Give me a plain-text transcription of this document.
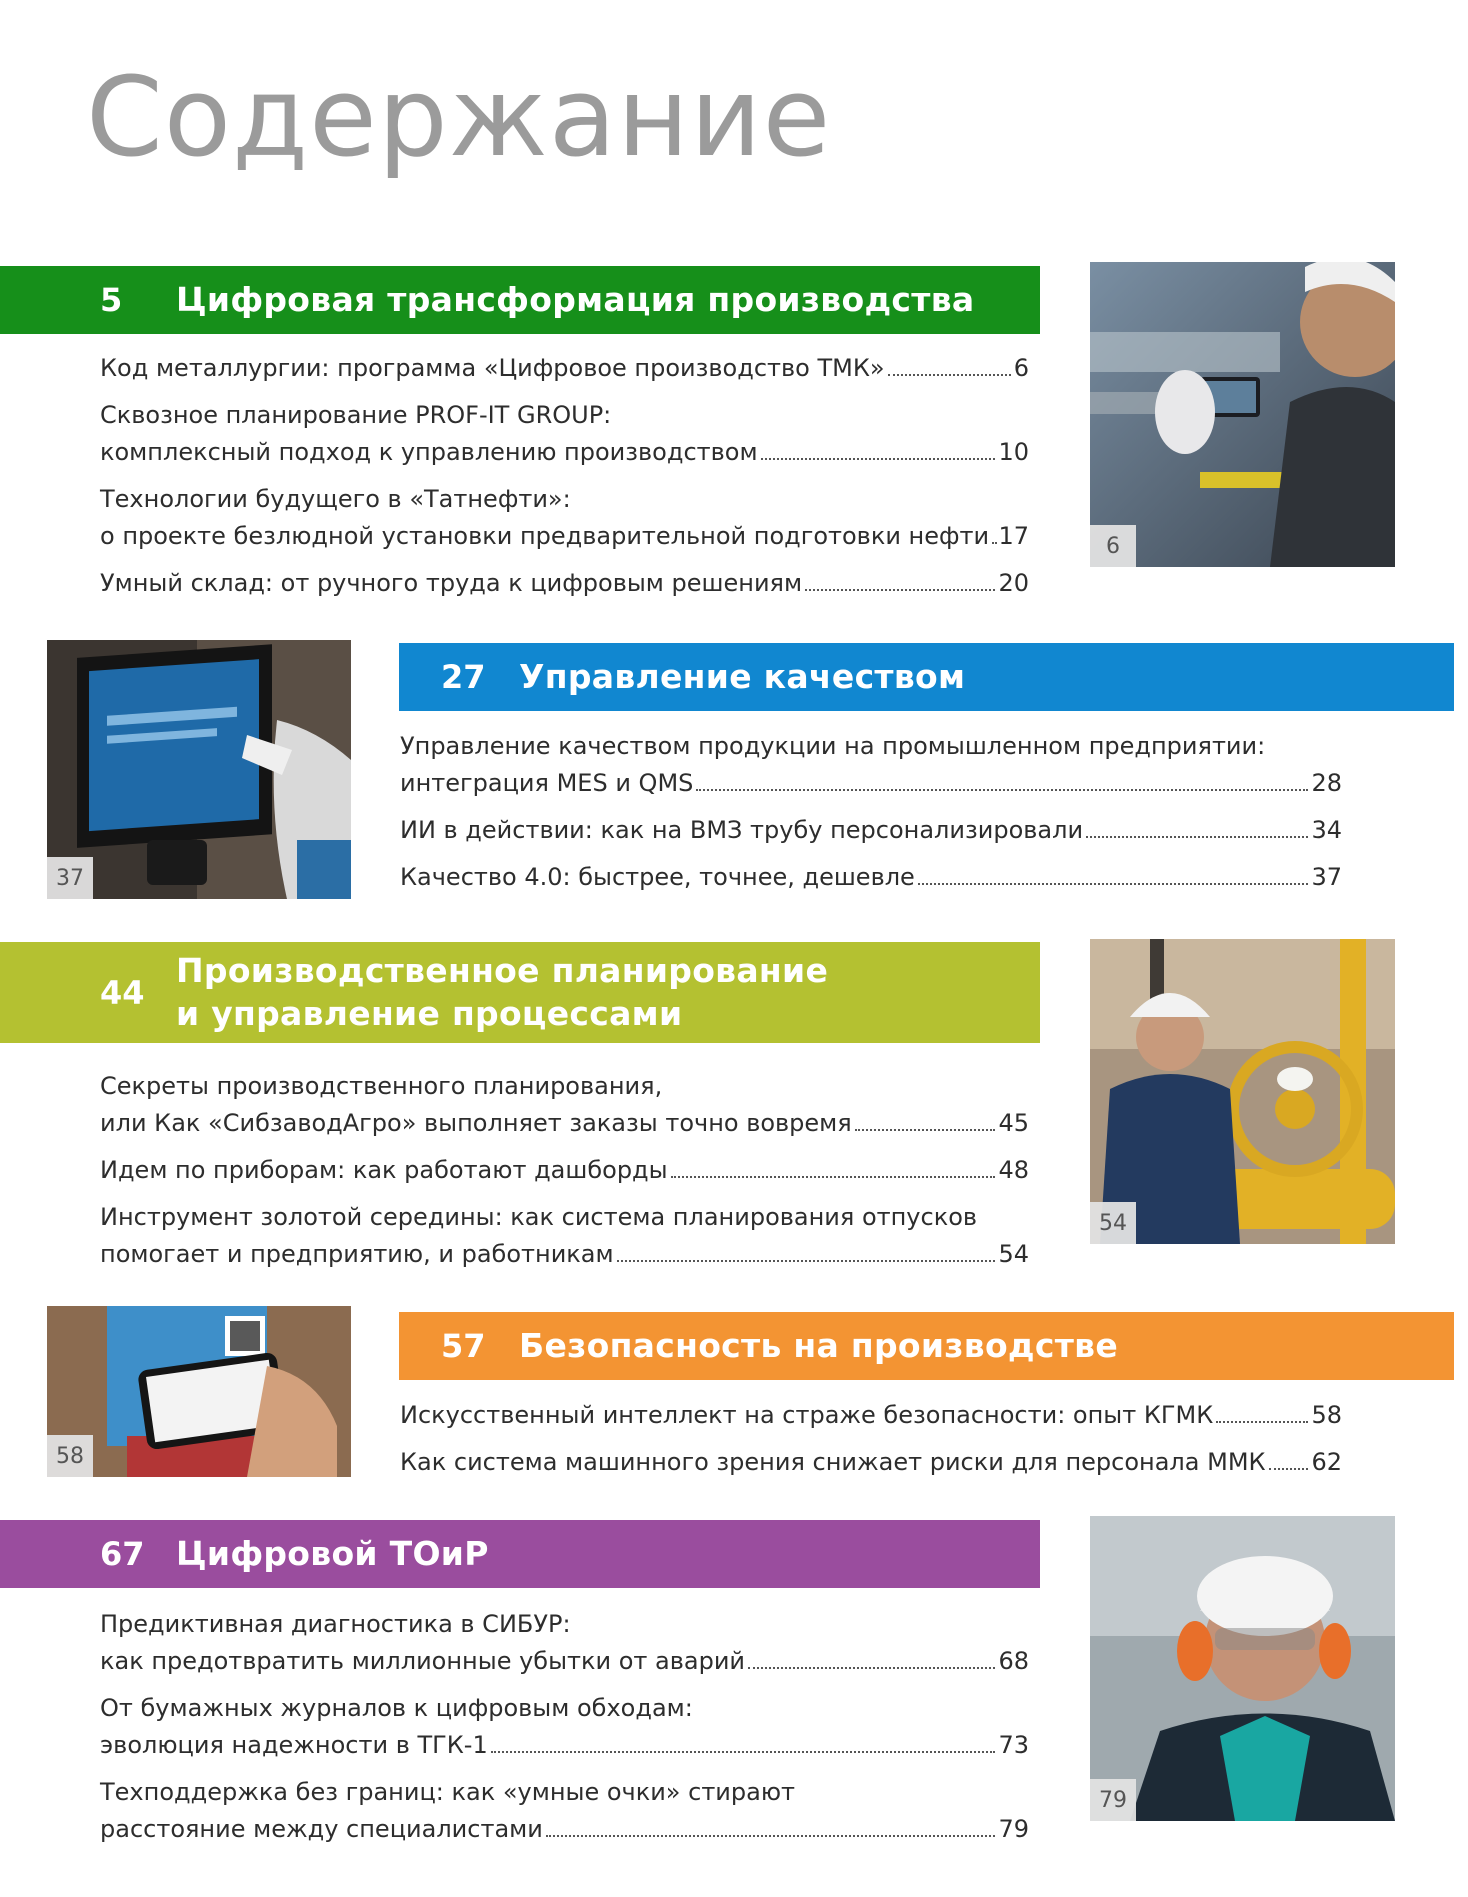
Содержание
5 Цифровая трансформация производства
Код металлургии: программа «Цифровое производство ТМК»	6
Сквозное планирование PROF-IT GROUP:
комплексный подход к управлению производством	10
Технологии будущего в «Татнефти»:
о проекте безлюдной установки предварительной подготовки нефти 17
Умный склад: от ручного труда к цифровым решениям	20
27 Управление качеством
Управление качеством продукции на промышленном предприятии:
интеграция MES и QMS	28
ИИ в действии: как на ВМЗ трубу персонализировали	34
Качество 4.0: быстрее, точнее, дешевле	37
44
Производственное планирование
и управление процессами
Секреты производственного планирования,
или Как «СибзаводАгро» выполняет заказы точно вовремя	45
Идем по приборам: как работают дашборды	48
Инструмент золотой середины: как система планирования отпусков
помогает и предприятию, и работникам	54
57 Безопасность на производстве
Искусственный интеллект на страже безопасности: опыт КГМК	58
Как система машинного зрения снижает риски для персонала ММК 62
67 Цифровой ТОиР
Предиктивная диагностика в СИБУР:
как предотвратить миллионные убытки от аварий	68
От бумажных журналов к цифровым обходам:
эволюция надежности в ТГК-1	73
Техподдержка без границ: как «умные очки» стирают
расстояние между специалистами	79
6
37
54
58
79
